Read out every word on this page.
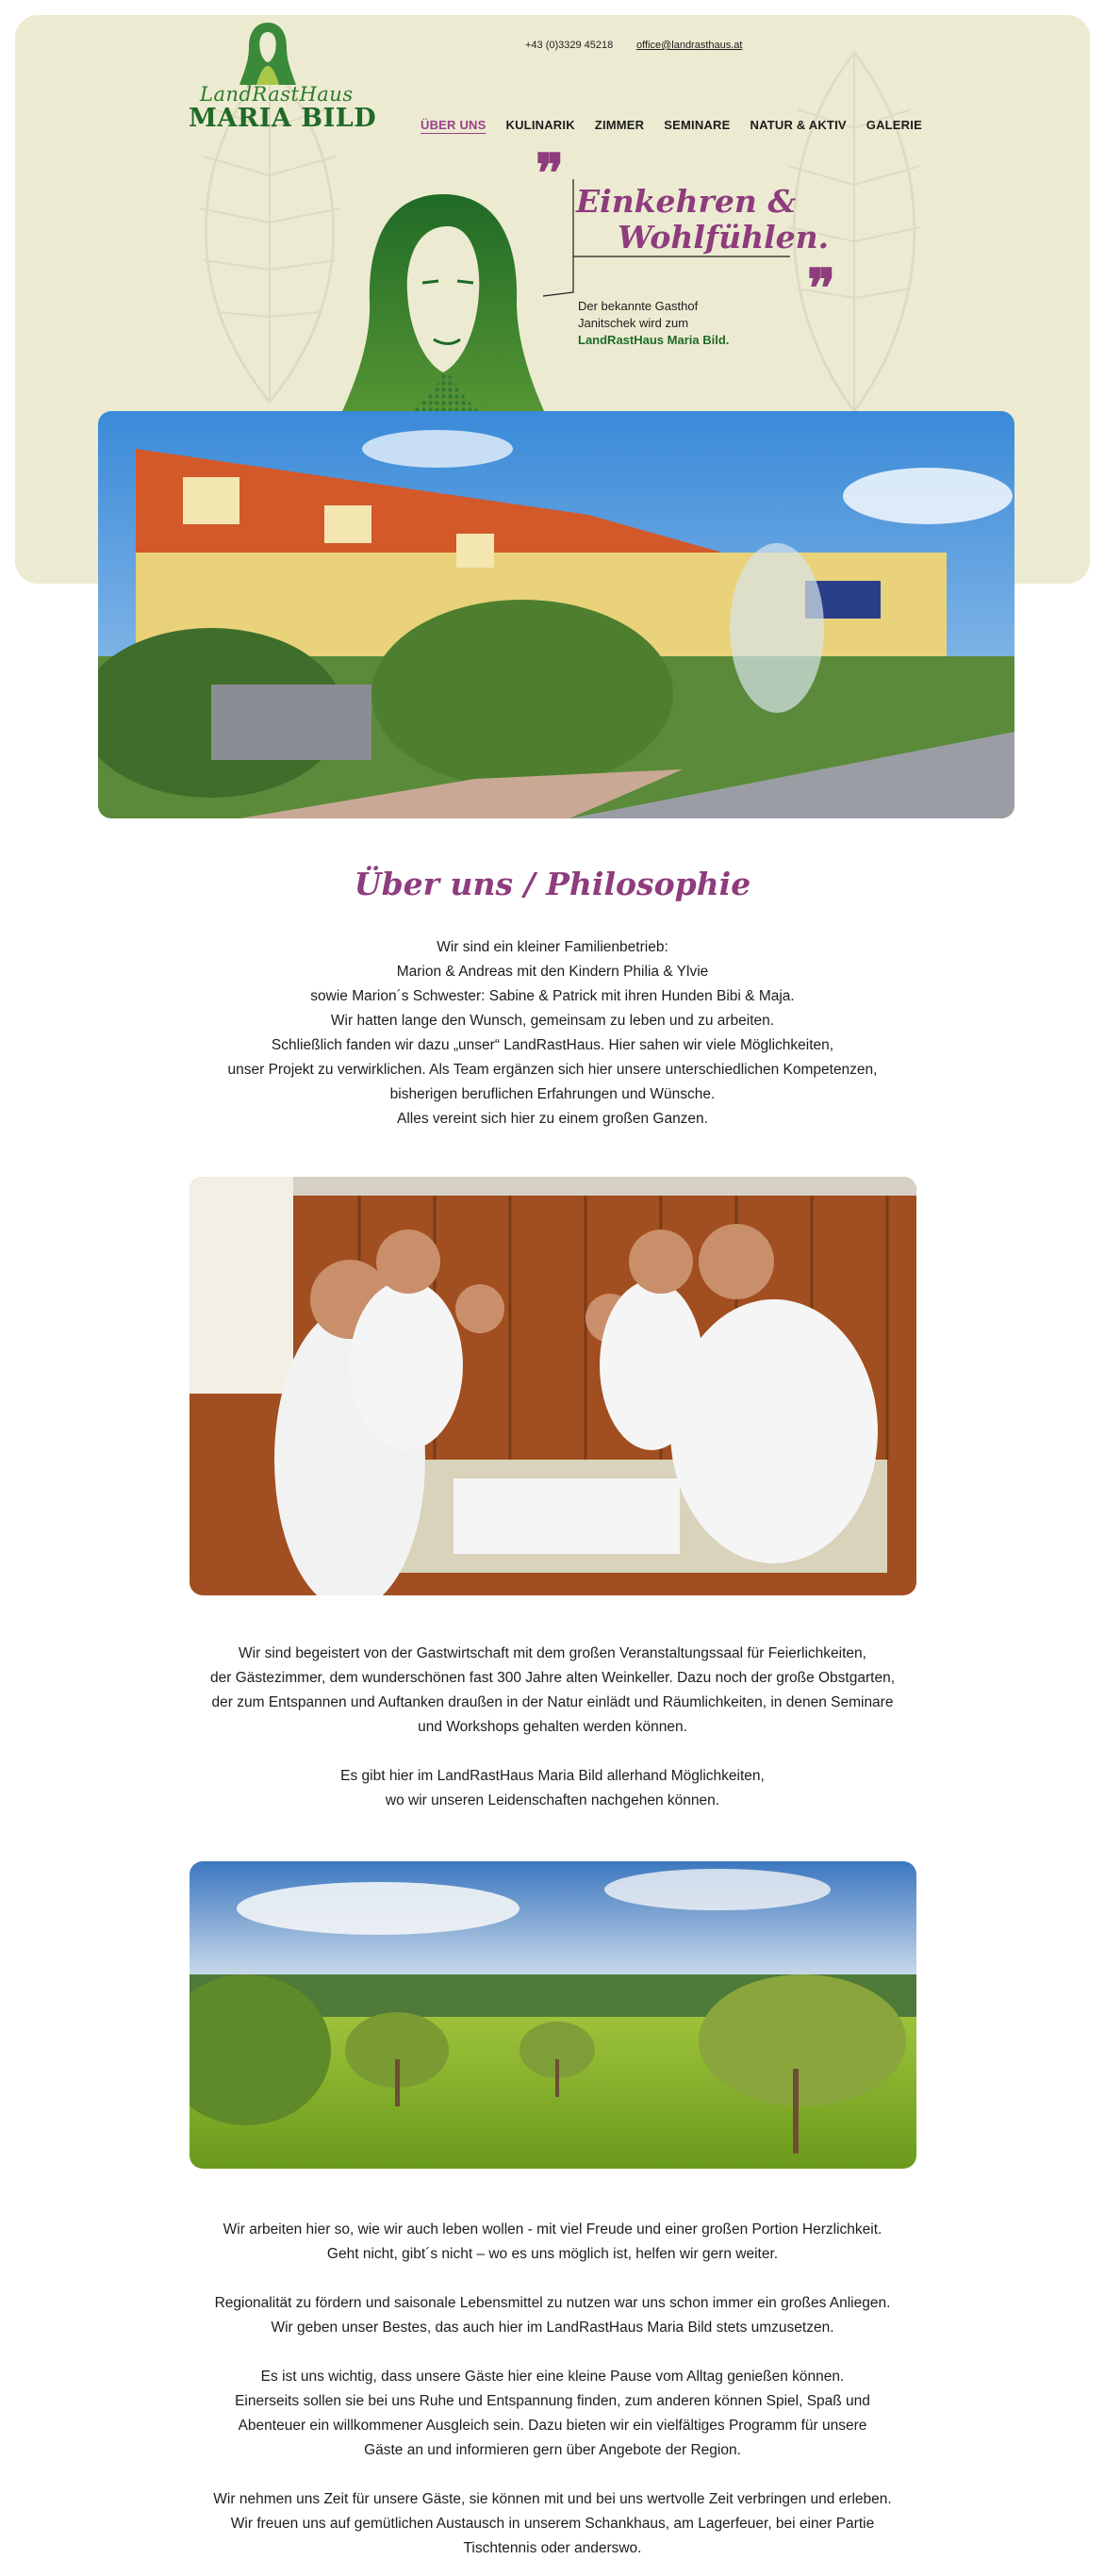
LandRastHaus
MARIA BILD
+43 (0)3329 45218 office@landrasthaus.at
ÜBER UNS KULINARIK ZIMMER SEMINARE NATUR & AKTIV GALERIE
❞ Einkehren &
Wohlfühlen.
❞
Der bekannte Gasthof
Janitschek wird zum
LandRastHaus Maria Bild.
Über uns / Philosophie
Wir sind ein kleiner Familienbetrieb:
Marion & Andreas mit den Kindern Philia & Ylvie
sowie Marion´s Schwester: Sabine & Patrick mit ihren Hunden Bibi & Maja.
Wir hatten lange den Wunsch, gemeinsam zu leben und zu arbeiten.
Schließlich fanden wir dazu „unser“ LandRastHaus. Hier sahen wir viele Möglichkeiten,
unser Projekt zu verwirklichen. Als Team ergänzen sich hier unsere unterschiedlichen Kompetenzen,
bisherigen beruflichen Erfahrungen und Wünsche.
Alles vereint sich hier zu einem großen Ganzen.
Wir sind begeistert von der Gastwirtschaft mit dem großen Veranstaltungssaal für Feierlichkeiten,
der Gästezimmer, dem wunderschönen fast 300 Jahre alten Weinkeller. Dazu noch der große Obstgarten,
der zum Entspannen und Auftanken draußen in der Natur einlädt und Räumlichkeiten, in denen Seminare
und Workshops gehalten werden können.
Es gibt hier im LandRastHaus Maria Bild allerhand Möglichkeiten,
wo wir unseren Leidenschaften nachgehen können.
Wir arbeiten hier so, wie wir auch leben wollen - mit viel Freude und einer großen Portion Herzlichkeit.
Geht nicht, gibt´s nicht – wo es uns möglich ist, helfen wir gern weiter.
Regionalität zu fördern und saisonale Lebensmittel zu nutzen war uns schon immer ein großes Anliegen.
Wir geben unser Bestes, das auch hier im LandRastHaus Maria Bild stets umzusetzen.
Es ist uns wichtig, dass unsere Gäste hier eine kleine Pause vom Alltag genießen können.
Einerseits sollen sie bei uns Ruhe und Entspannung finden, zum anderen können Spiel, Spaß und
Abenteuer ein willkommener Ausgleich sein. Dazu bieten wir ein vielfältiges Programm für unsere
Gäste an und informieren gern über Angebote der Region.
Wir nehmen uns Zeit für unsere Gäste, sie können mit und bei uns wertvolle Zeit verbringen und erleben.
Wir freuen uns auf gemütlichen Austausch in unserem Schankhaus, am Lagerfeuer, bei einer Partie
Tischtennis oder anderswo.
